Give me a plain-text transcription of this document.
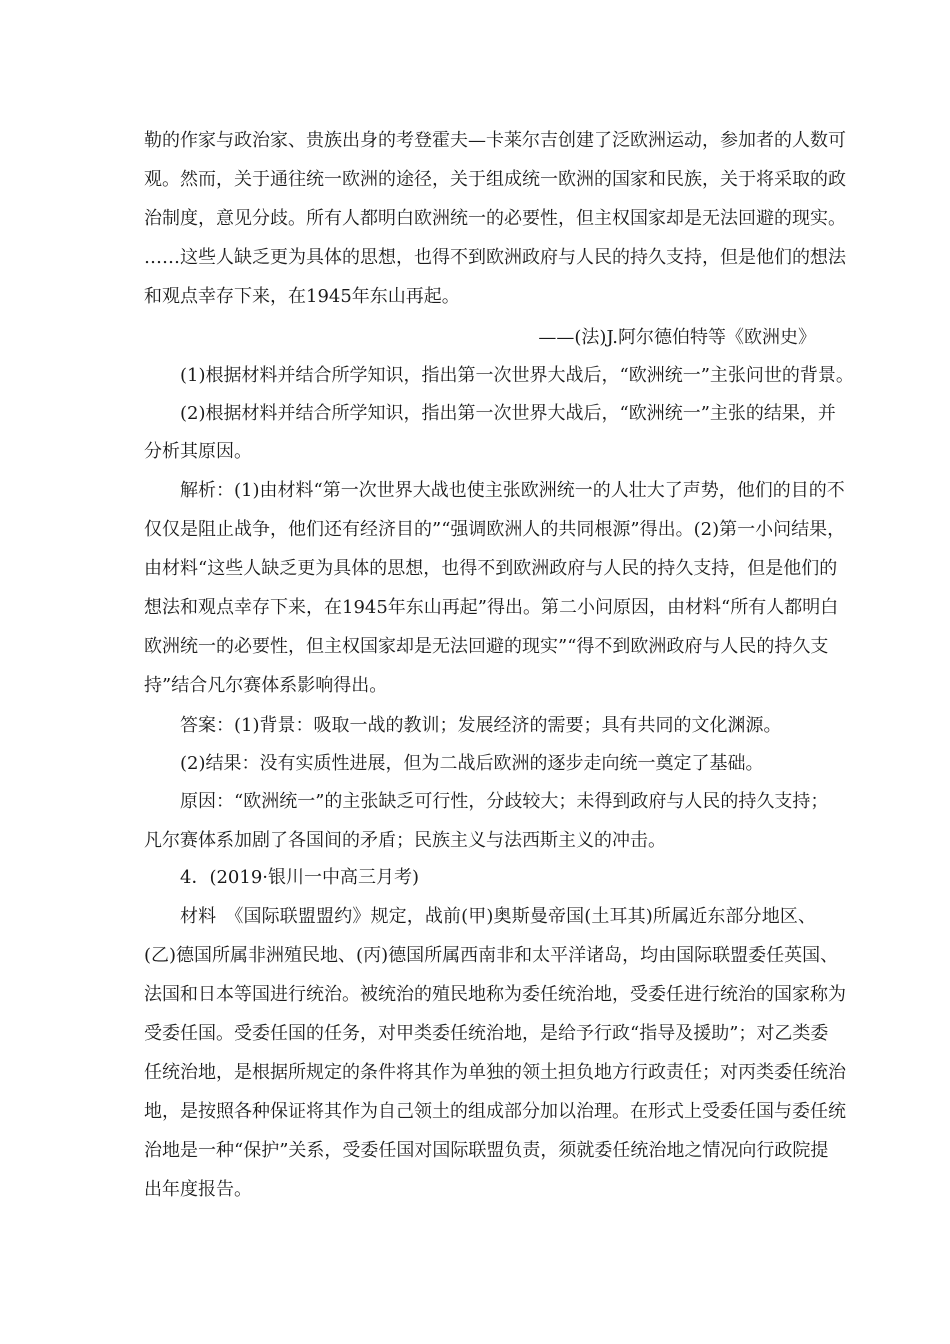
勒的作家与政治家、贵族出身的考登霍夫—卡莱尔吉创建了泛欧洲运动，参加者的人数可
观。然而，关于通往统一欧洲的途径，关于组成统一欧洲的国家和民族，关于将采取的政
治制度，意见分歧。所有人都明白欧洲统一的必要性，但主权国家却是无法回避的现实。
……这些人缺乏更为具体的思想，也得不到欧洲政府与人民的持久支持，但是他们的想法
和观点幸存下来，在1945年东山再起。
——(法)J.阿尔德伯特等《欧洲史》
(1)根据材料并结合所学知识，指出第一次世界大战后，“欧洲统一”主张问世的背景。
(2)根据材料并结合所学知识，指出第一次世界大战后，“欧洲统一”主张的结果，并
分析其原因。
解析：(1)由材料“第一次世界大战也使主张欧洲统一的人壮大了声势，他们的目的不
仅仅是阻止战争，他们还有经济目的”“强调欧洲人的共同根源”得出。(2)第一小问结果，
由材料“这些人缺乏更为具体的思想，也得不到欧洲政府与人民的持久支持，但是他们的
想法和观点幸存下来，在1945年东山再起”得出。第二小问原因，由材料“所有人都明白
欧洲统一的必要性，但主权国家却是无法回避的现实”“得不到欧洲政府与人民的持久支
持”结合凡尔赛体系影响得出。
答案：(1)背景：吸取一战的教训；发展经济的需要；具有共同的文化渊源。
(2)结果：没有实质性进展，但为二战后欧洲的逐步走向统一奠定了基础。
原因：“欧洲统一”的主张缺乏可行性，分歧较大；未得到政府与人民的持久支持；
凡尔赛体系加剧了各国间的矛盾；民族主义与法西斯主义的冲击。
4．(2019·银川一中高三月考)
材料　《国际联盟盟约》规定，战前(甲)奥斯曼帝国(土耳其)所属近东部分地区、
(乙)德国所属非洲殖民地、(丙)德国所属西南非和太平洋诸岛，均由国际联盟委任英国、
法国和日本等国进行统治。被统治的殖民地称为委任统治地，受委任进行统治的国家称为
受委任国。受委任国的任务，对甲类委任统治地，是给予行政“指导及援助”；对乙类委
任统治地，是根据所规定的条件将其作为单独的领土担负地方行政责任；对丙类委任统治
地，是按照各种保证将其作为自己领土的组成部分加以治理。在形式上受委任国与委任统
治地是一种“保护”关系，受委任国对国际联盟负责，须就委任统治地之情况向行政院提
出年度报告。
